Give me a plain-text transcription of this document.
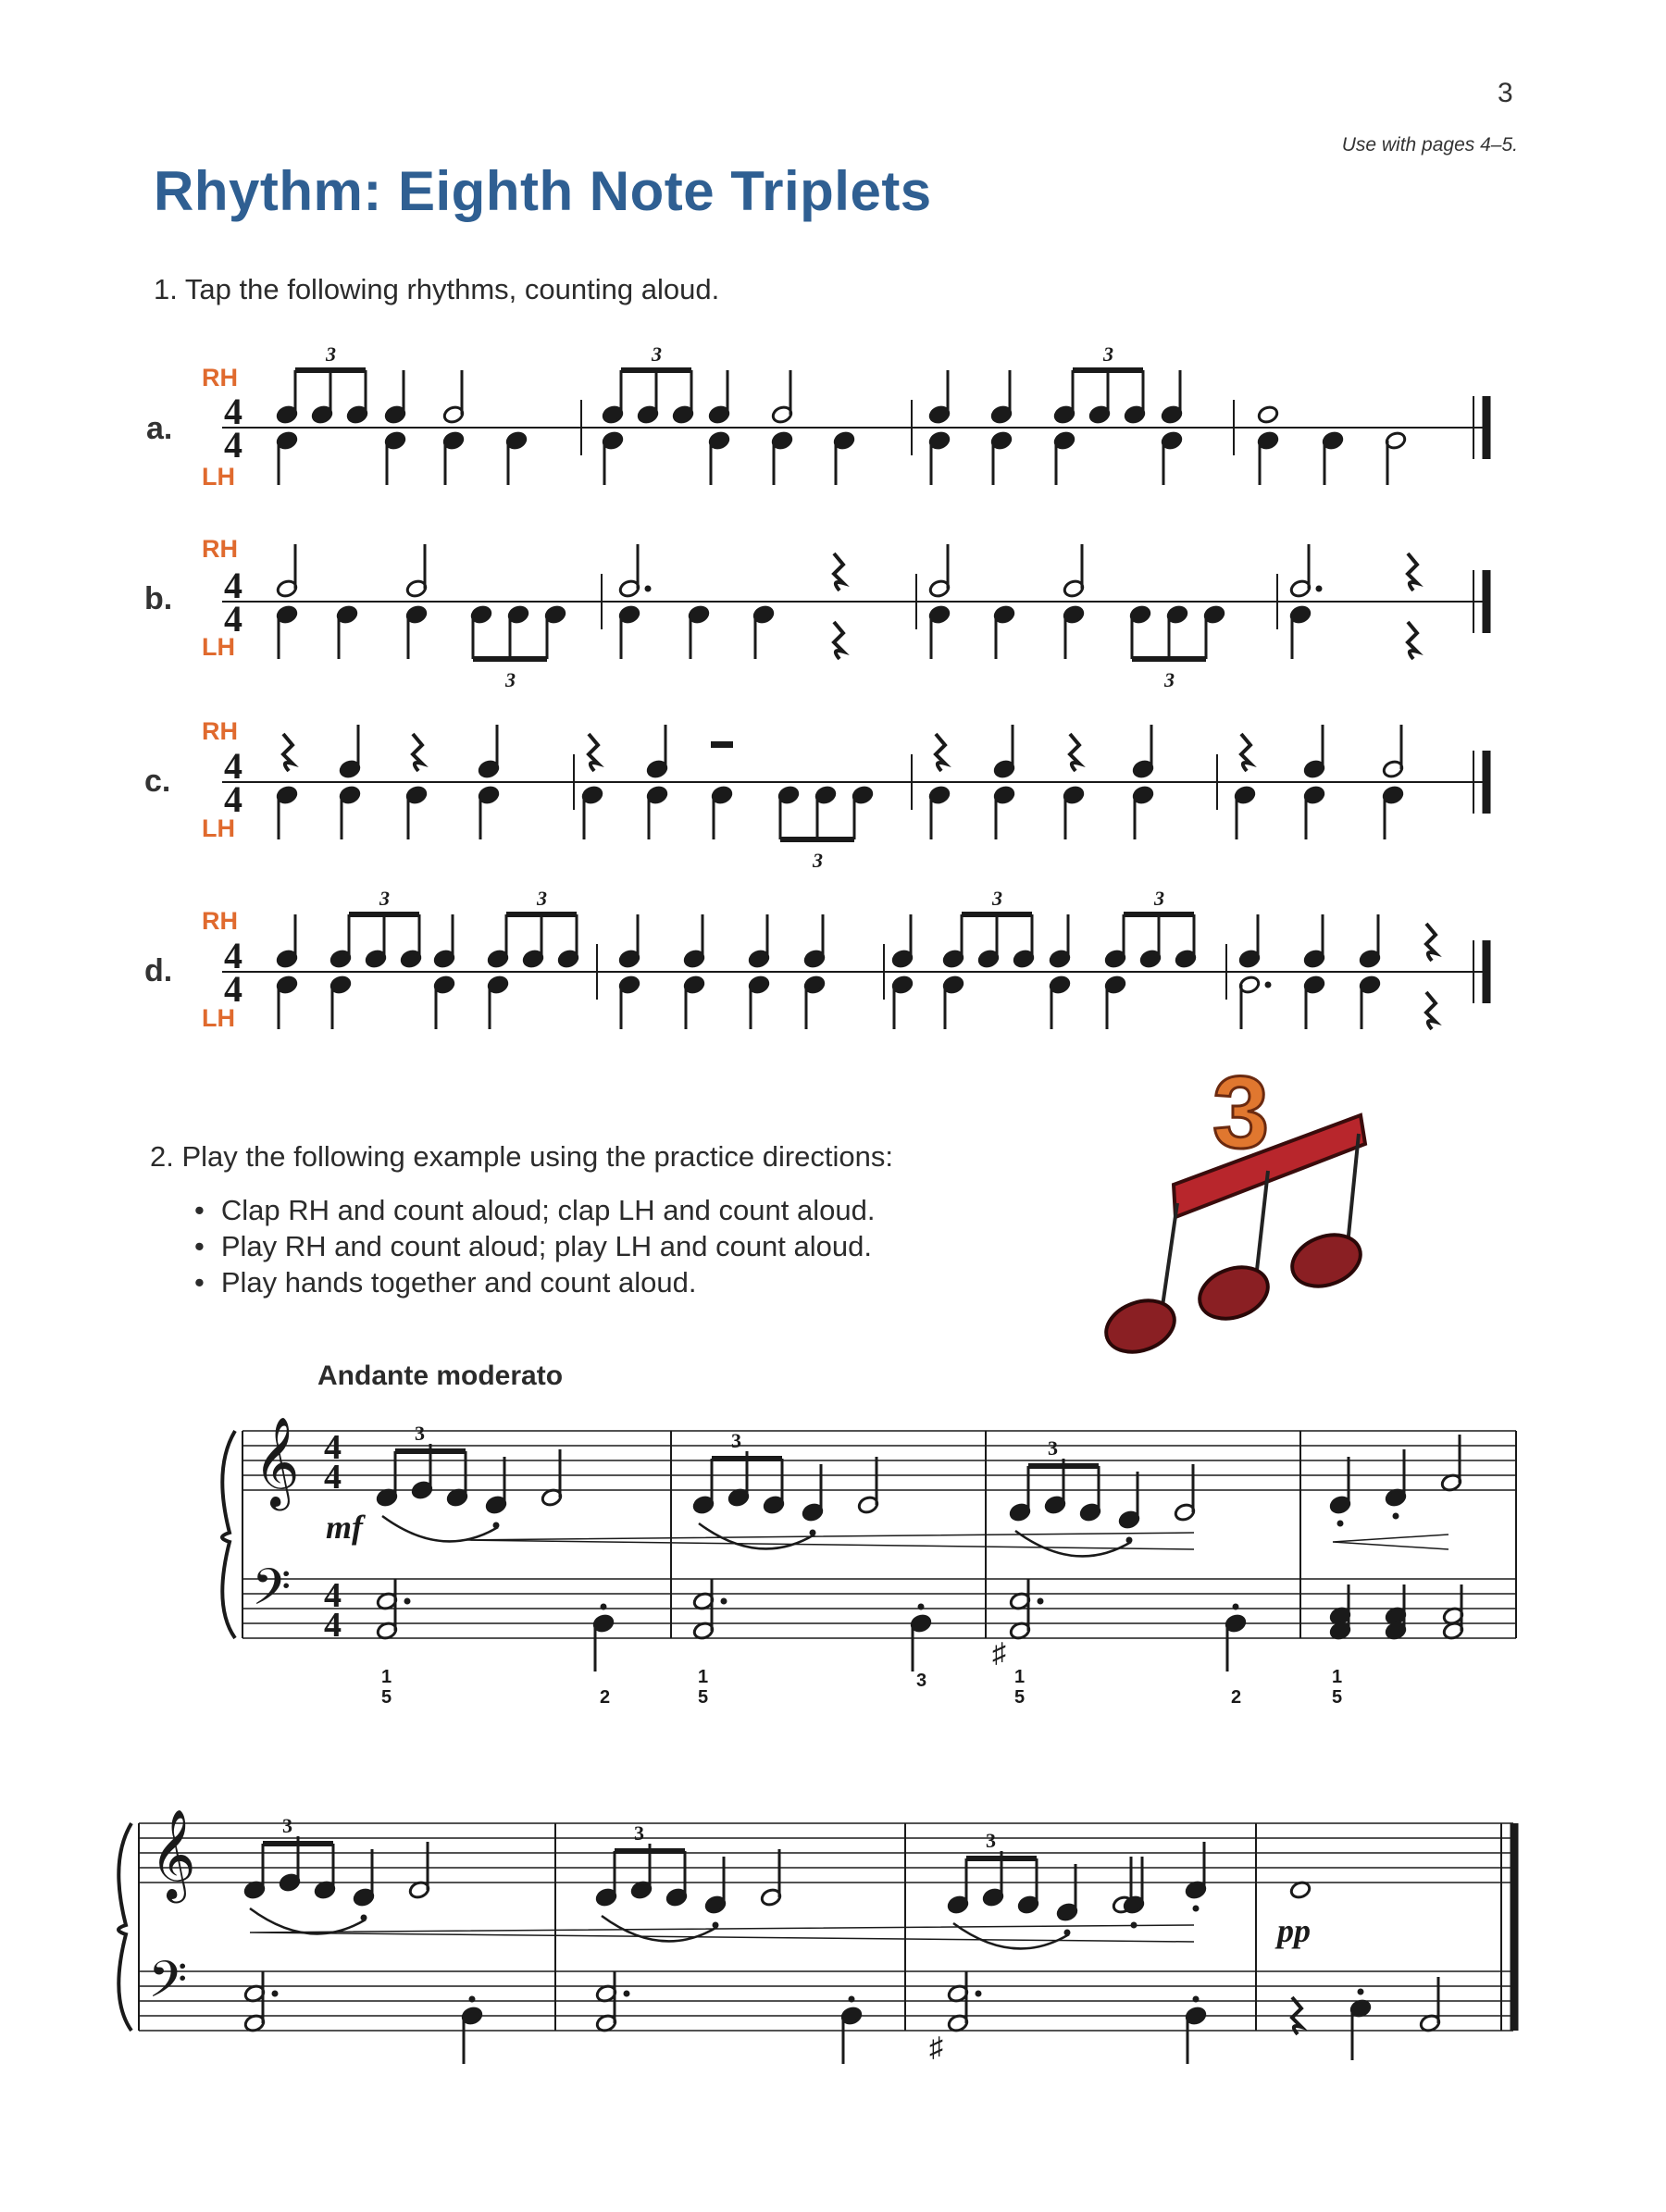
3
Use with pages 4–5.
Rhythm: Eighth Note Triplets
1. Tap the following rhythms, counting aloud.
a.
b.
c.
d.
RH
LH
RH
LH
RH
LH
RH
LH
4
4
3	3	3
4
4
3	3
4
4
3
4
4
3	3	3	3
2. Play the following example using the practice directions:
• Clap RH and count aloud; clap LH and count aloud.
• Play RH and count aloud; play LH and count aloud.
• Play hands together and count aloud.
Andante moderato
3
𝄞
𝄢
4
4
4
4
3	3	3
mf
1
5
1
5
1
5
1
5
2
3
2
♯
𝄞
𝄢
3	3	3
pp
♯
